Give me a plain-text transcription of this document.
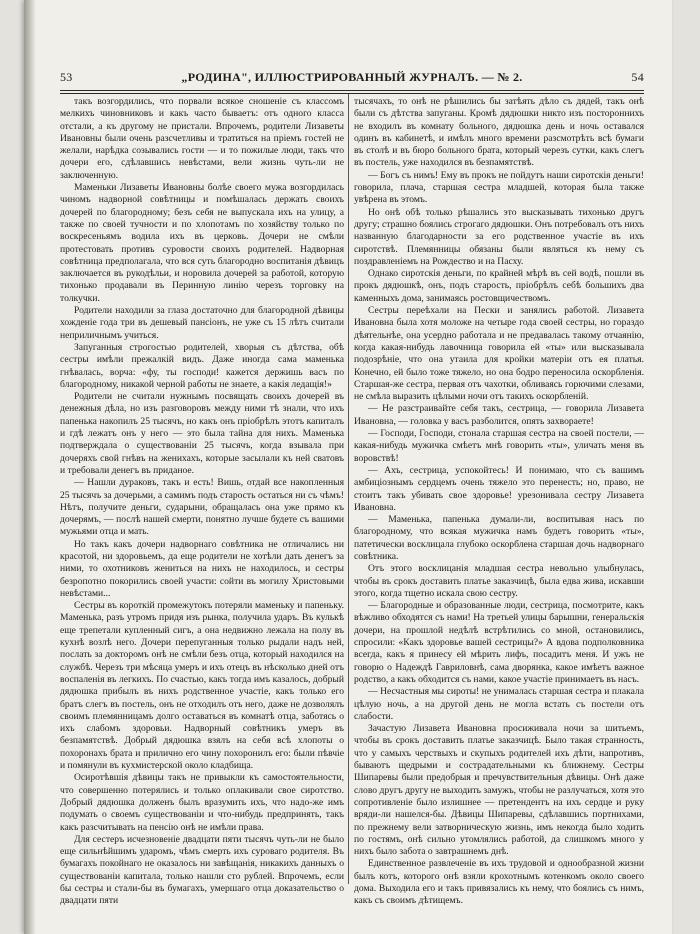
53	„РОДИНА", ИЛЛЮСТРИРОВАННЫЙ ЖУРНАЛЪ. — № 2.	54

такъ возгордились, что порвали всякое сношеніе съ классомъ мелкихъ чиновниковъ и какъ часто бываетъ: отъ одного класса отстали, а къ другому не пристали. Впрочемъ, родители Лизаветы Ивановны были очень разсчетливы и тратиться на пріемъ гостей не желали, нарѣдка созывались гости — и то пожилые люди, такъ что дочери его, сдѣлавшись невѣстами, вели жизнь чуть-ли не заключенную.

Маменьки Лизаветы Ивановны болѣе своего мужа возгордилась чиномъ надворной совѣтницы и помѣшалась держать своихъ дочерей по благородному; безъ себя не выпускала ихъ на улицу, а также по своей тучности и по хлопотамъ по хозяйству только по воскресеньямъ водила ихъ въ церковь. Дочери не смѣли протестовать противъ суровости своихъ родителей. Надворная совѣтница предполагала, что вся суть благородно воспитанія дѣвицъ заключается въ рукодѣльи, и норовила дочерей за работой, которую тихонько продавали въ Перинную линію черезъ торговку на толкучки.

Родители находили за глаза достаточно для благородной дѣвицы хожденіе года три въ дешевый пансіонъ, не уже съ 15 лѣтъ считали неприличнымъ учиться.

Запуганныя строгостью родителей, хворыя съ дѣтства, обѣ сестры имѣли прежалкій видъ. Даже иногда сама маменька гнѣвалась, ворча: «фу, ты господи! кажется держишь васъ по благородному, никакой черной работы не знаете, а какія ледащія!»

Родители не считали нужнымъ посвящать своихъ дочерей въ денежныя дѣла, но изъ разговоровъ между ними тѣ знали, что ихъ папенька накопилъ 25 тысячъ, но какъ онъ пріобрѣлъ этотъ капиталъ и гдѣ лежатъ онъ у него — это была тайна для нихъ. Маменька подтверждала о существованіи 25 тысячъ, когда взывала при дочеряхъ свой гнѣвъ на женихахъ, которые засылали къ ней сватовъ и требовали денегъ въ приданое.

— Нашли дураковъ, такъ и есть! Вишь, отдай все накопленныя 25 тысячъ за дочерьми, а самимъ подъ старость остаться ни съ чѣмъ! Нѣтъ, получите деньги, сударыни, обращалась она уже прямо къ дочерямъ, — послѣ нашей смерти, понятно лучше будете съ вашими мужьями отца и мать.

Но такъ какъ дочери надворнаго совѣтника не отличались ни красотой, ни здоровьемъ, да еще родители не хотѣли дать денегъ за ними, то охотниковъ жениться на нихъ не находилось, и сестры безропотно покорились своей участи: сойти въ могилу Христовыми невѣстами...

Сестры въ короткій промежутокъ потеряли маменьку и папеньку. Маменька, разъ утромъ придя изъ рынка, получила ударъ. Въ кулькѣ еще трепетали купленный сигъ, а она недвижно лежала на полу въ кухнѣ возлѣ него. Дочери перепуганныя только рыдали надъ ней, послать за докторомъ онѣ не смѣли безъ отца, который находился на службѣ. Черезъ три мѣсяца умеръ и ихъ отецъ въ нѣсколько дней отъ воспаленія въ легкихъ. По счастью, какъ тогда имъ казалось, добрый дядюшка прибылъ въ нихъ родственное участіе, какъ только его братъ слегъ въ постель, онъ не отходилъ отъ него, даже не дозволялъ своимъ племянницамъ долго оставаться въ комнатѣ отца, заботясь о ихъ слабомъ здоровьи. Надворный совѣтникъ умеръ въ безпамятствѣ. Добрый дядюшка взялъ на себя всѣ хлопоты о похоронахъ брата и прилично его чину похоронилъ его: были пѣвчіе и помянули въ кухмистерской около кладбища.

Осиротѣвшія дѣвицы такъ не привыкли къ самостоятельности, что совершенно потерялись и только оплакивали свое сиротство. Добрый дядюшка долженъ былъ вразумить ихъ, что надо-же имъ подумать о своемъ существованіи и что-нибудь предпринять, такъ какъ разсчитывать на пенсію онѣ не имѣли права.

Для сестеръ исчезновеніе двадцати пяти тысячъ чуть-ли не было еще сильнѣйшимъ ударомъ, чѣмъ смерть ихъ суроваго родителя. Въ бумагахъ покойнаго не оказалось ни завѣщанія, никакихъ данныхъ о существованіи капитала, только нашли сто рублей. Впрочемъ, если бы сестры и стали-бы въ бумагахъ, умершаго отца доказательство о двадцати пяти

тысячахъ, то онѣ не рѣшились бы затѣять дѣло съ дядей, такъ онѣ были съ дѣтства запуганы. Кромѣ дядюшки никто изъ постороннихъ не входилъ въ комнату больного, дядюшка день и ночь оставался одинъ въ кабинетѣ, и имѣлъ много времени разсмотрѣть всѣ бумаги въ столѣ и въ бюро больного брата, который черезъ сутки, какъ слегъ въ постель, уже находился въ безпамятствѣ.

— Богъ съ нимъ! Ему въ прокъ не пойдутъ наши сиротскія деньги! говорила, плача, старшая сестра младшей, которая была также увѣрена въ этомъ.

Но онѣ обѣ только рѣшались это высказывать тихонько другъ другу; страшно боялись строгаго дядюшки. Онъ потребовалъ отъ нихъ названную благодарности за его родственное участіе въ ихъ сиротствѣ. Племянницы обязаны были являться къ нему съ поздравленіемъ на Рождество и на Пасху.

Однако сиротскія деньги, по крайней мѣрѣ въ сей водѣ, пошли въ прокъ дядюшкѣ, онъ, подъ старость, пріобрѣлъ себѣ большихъ два каменныхъ дома, занимаясь ростовщичествомъ.

Сестры переѣхали на Пески и занялись работой. Лизавета Ивановна была хотя моложе на четыре года своей сестры, но гораздо дѣятельнѣе, она усердно работала и не предавалась такому отчаянію, когда какая-нибудь лавочница говорила ей «ты» или высказывала подозрѣніе, что она утаила для кройки матеріи отъ ея платья. Конечно, ей было тоже тяжело, но она бодро переносила оскорбленія. Старшая-же сестра, первая отъ чахотки, обливаясь горючими слезами, не смѣла выразить цѣлыми ночи отъ такихъ оскорбленій.

— Не разстраивайте себя такъ, сестрица, — говорила Лизавета Ивановна, — головка у васъ разболится, опять захвораете!

— Господи, Господи, стонала старшая сестра на своей постели, — какая-нибудь мужичка смѣетъ мнѣ говорить «ты», уличать меня въ воровствѣ!

— Ахъ, сестрица, успокойтесь! И понимаю, что съ вашимъ амбиціознымъ сердцемъ очень тяжело это перенесть; но, право, не стоитъ такъ убивать свое здоровье! урезонивала сестру Лизавета Ивановна.

— Маменька, папенька думали-ли, воспитывая насъ по благородному, что всякая мужичка намъ будетъ говорить «ты», патетически восклицала глубоко оскорблена старшая дочь надворнаго совѣтника.

Отъ этого восклицанія младшая сестра невольно улыбнулась, чтобы въ срокъ доставить платье заказчицѣ, была едва жива, искавши этого, когда тщетно искала свою сестру.

— Благородные и образованные люди, сестрица, посмотрите, какъ вѣжливо обходятся съ нами! На третьей улицы барышни, генеральскія дочери, на прошлой недѣлѣ встрѣтились со мной, остановились, спросили: «Какъ здоровье вашей сестрицы?» А вдова подполковника всегда, какъ я принесу ей мѣрить лифъ, посадитъ меня. И ужъ не говорю о Надеждѣ Гавриловнѣ, сама дворянка, какое имѣетъ важное родство, а какъ обходится съ нами, какое участіе принимаетъ въ насъ.

— Несчастныя мы сироты! не унималась старшая сестра и плакала цѣлую ночь, а на другой день не могла встать съ постели отъ слабости.

Зачастую Лизавета Ивановна просиживала ночи за шитьемъ, чтобы въ срокъ доставить платье заказчицѣ. Было такая странность, что у самыхъ черствыхъ и скупыхъ родителей ихъ дѣти, напротивъ, бываютъ щедрыми и сострадательными къ ближнему. Сестры Шипаревы были предобрыя и пречувствительныя дѣвицы. Онѣ даже слово другъ другу не выходить замужъ, чтобы не разлучаться, хотя это сопротивленіе было излишнее — претендентъ на ихъ сердце и руку вряди-ли нашелся-бы. Дѣвицы Шипаревы, сдѣлавшись портнихами, по прежнему вели затворническую жизнь, имъ некогда было ходить по гостямъ, онѣ сильно утомлялись работой, да слишкомъ много у нихъ было забота о завтрашнемъ днѣ.

Единственное развлеченіе въ ихъ трудовой и однообразной жизни былъ котъ, которого онѣ взяли крохотнымъ котенкомъ около своего дома. Выходила его и такъ привязались къ нему, что боялись съ нимъ, какъ съ своимъ дѣтищемъ.
